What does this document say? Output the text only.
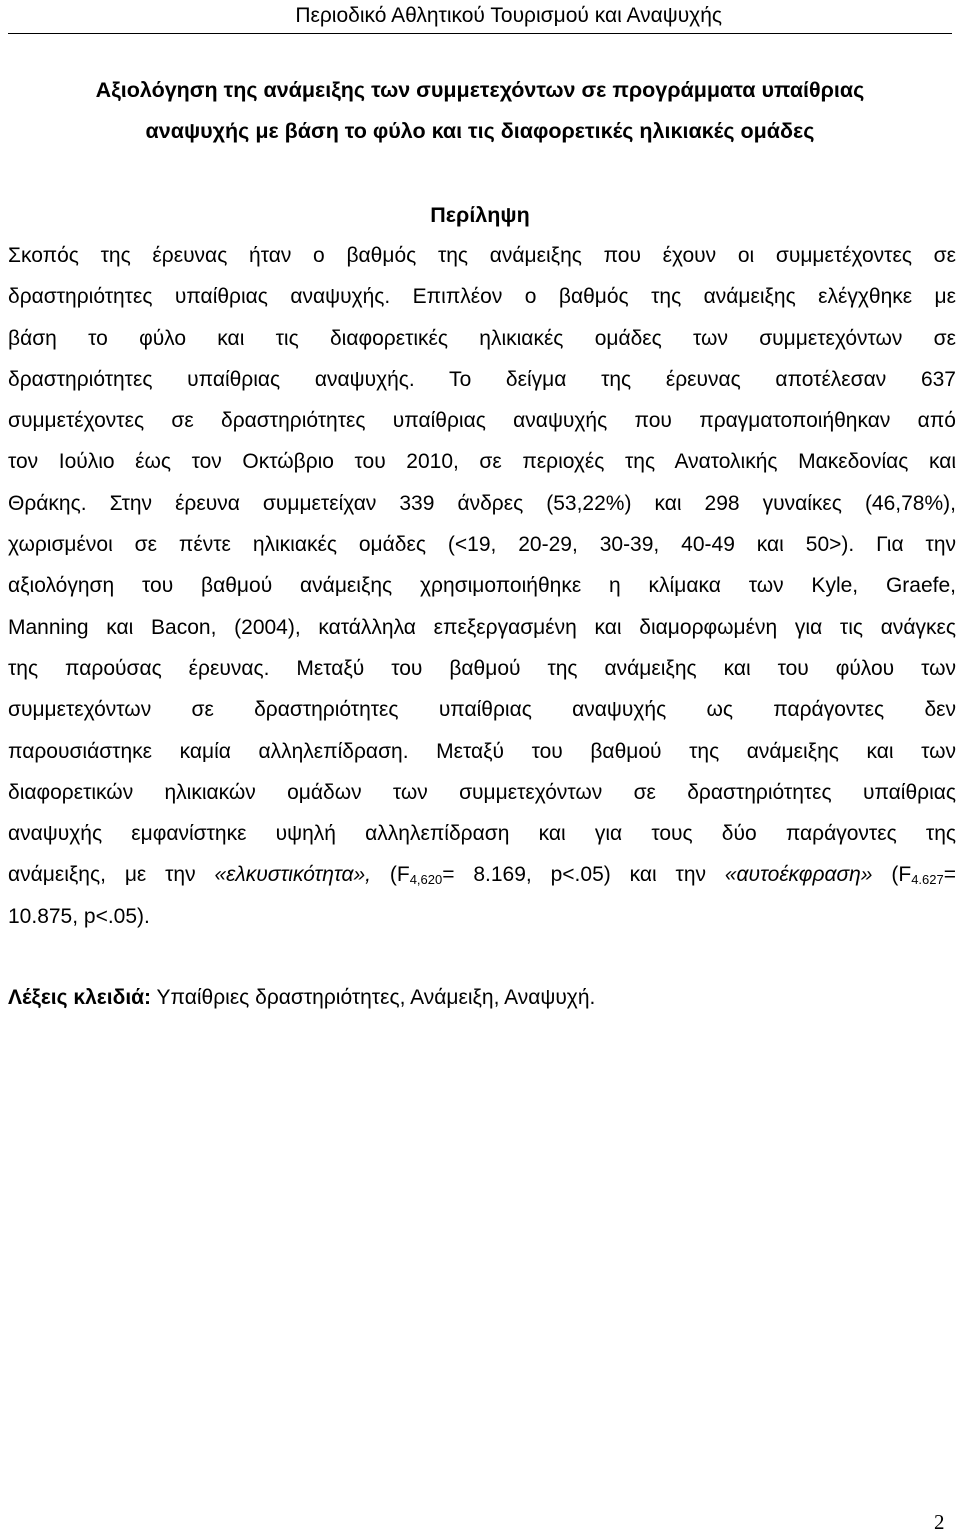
Περιοδικό Αθλητικού Τουρισμού και Αναψυχής
Αξιολόγηση της ανάμειξης των συμμετεχόντων σε προγράμματα υπαίθριας
αναψυχής με βάση το φύλο και τις διαφορετικές ηλικιακές ομάδες
Περίληψη
Σκοπός της έρευνας ήταν ο βαθμός της ανάμειξης που έχουν οι συμμετέχοντες σε
δραστηριότητες υπαίθριας αναψυχής. Επιπλέον ο βαθμός της ανάμειξης ελέγχθηκε με
βάση το φύλο και τις διαφορετικές ηλικιακές ομάδες των συμμετεχόντων σε
δραστηριότητες υπαίθριας αναψυχής. Το δείγμα της έρευνας αποτέλεσαν 637
συμμετέχοντες σε δραστηριότητες υπαίθριας αναψυχής που πραγματοποιήθηκαν από
τον Ιούλιο έως τον Οκτώβριο του 2010, σε περιοχές της Ανατολικής Μακεδονίας και
Θράκης. Στην έρευνα συμμετείχαν 339 άνδρες (53,22%) και 298 γυναίκες (46,78%),
χωρισμένοι σε πέντε ηλικιακές ομάδες (<19, 20-29, 30-39, 40-49 και 50>). Για την
αξιολόγηση του βαθμού ανάμειξης χρησιμοποιήθηκε η κλίμακα των Kyle, Graefe,
Manning και Bacon, (2004), κατάλληλα επεξεργασμένη και διαμορφωμένη για τις ανάγκες
της παρούσας έρευνας. Μεταξύ του βαθμού της ανάμειξης και του φύλου των
συμμετεχόντων σε δραστηριότητες υπαίθριας αναψυχής ως παράγοντες δεν
παρουσιάστηκε καμία αλληλεπίδραση. Μεταξύ του βαθμού της ανάμειξης και των
διαφορετικών ηλικιακών ομάδων των συμμετεχόντων σε δραστηριότητες υπαίθριας
αναψυχής εμφανίστηκε υψηλή αλληλεπίδραση και για τους δύο παράγοντες της
ανάμειξης, με την «ελκυστικότητα», ($F_{4,620}= 8.169$, p<.05) και την «αυτοέκφραση» ($F_{4.627}=$
10.875, p<.05).
Λέξεις κλειδιά: Υπαίθριες δραστηριότητες, Ανάμειξη, Αναψυχή.
2
